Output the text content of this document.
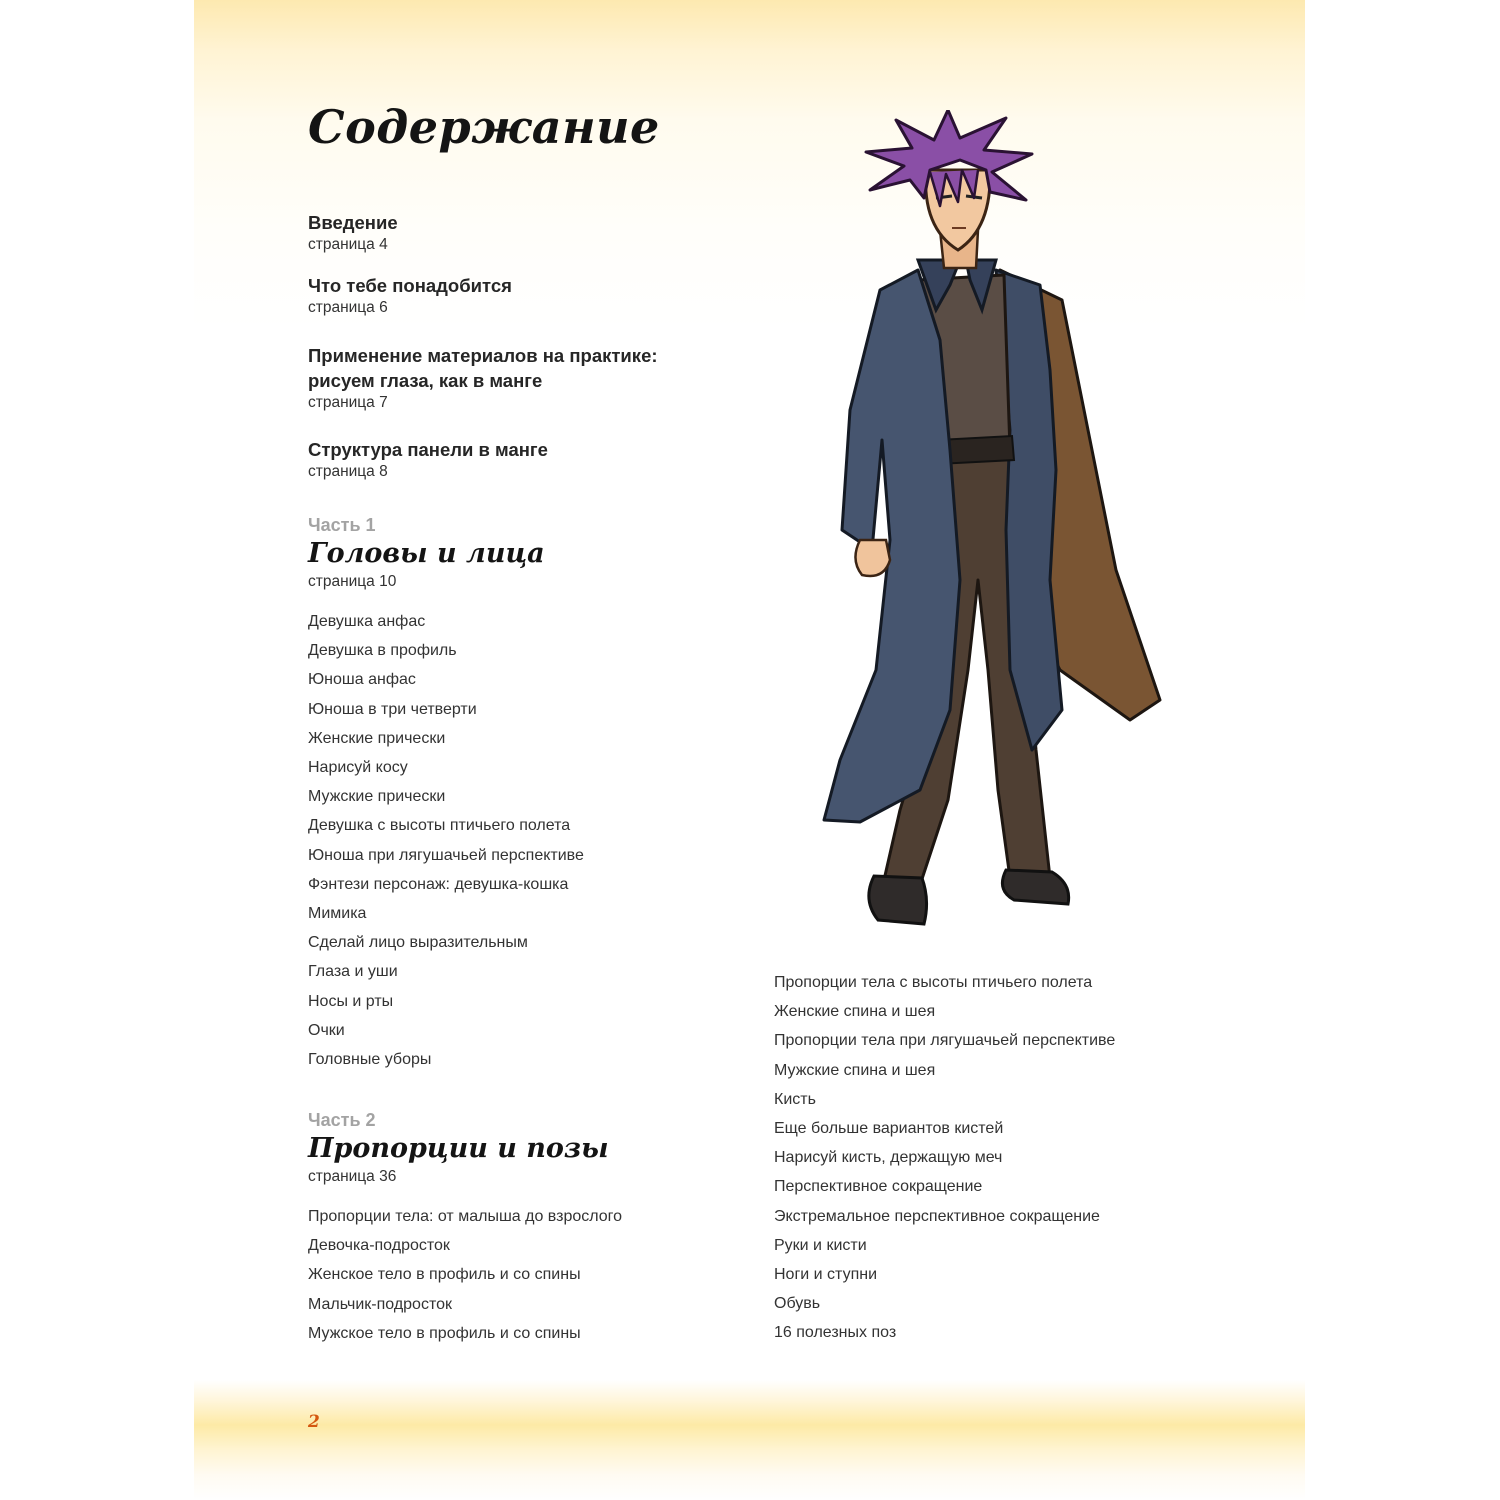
Содержание
Введение
страница 4
Что тебе понадобится
страница 6
Применение материалов на практике:
рисуем глаза, как в манге
страница 7
Структура панели в манге
страница 8
Часть 1
Головы и лица
страница 10
Девушка анфас
Девушка в профиль
Юноша анфас
Юноша в три четверти
Женские прически
Нарисуй косу
Мужские прически
Девушка с высоты птичьего полета
Юноша при лягушачьей перспективе
Фэнтези персонаж: девушка-кошка
Мимика
Сделай лицо выразительным
Глаза и уши
Носы и рты
Очки
Головные уборы
Часть 2
Пропорции и позы
страница 36
Пропорции тела: от малыша до взрослого
Девочка-подросток
Женское тело в профиль и со спины
Мальчик-подросток
Мужское тело в профиль и со спины
Пропорции тела с высоты птичьего полета
Женские спина и шея
Пропорции тела при лягушачьей перспективе
Мужские спина и шея
Кисть
Еще больше вариантов кистей
Нарисуй кисть, держащую меч
Перспективное сокращение
Экстремальное перспективное сокращение
Руки и кисти
Ноги и ступни
Обувь
16 полезных поз
2
